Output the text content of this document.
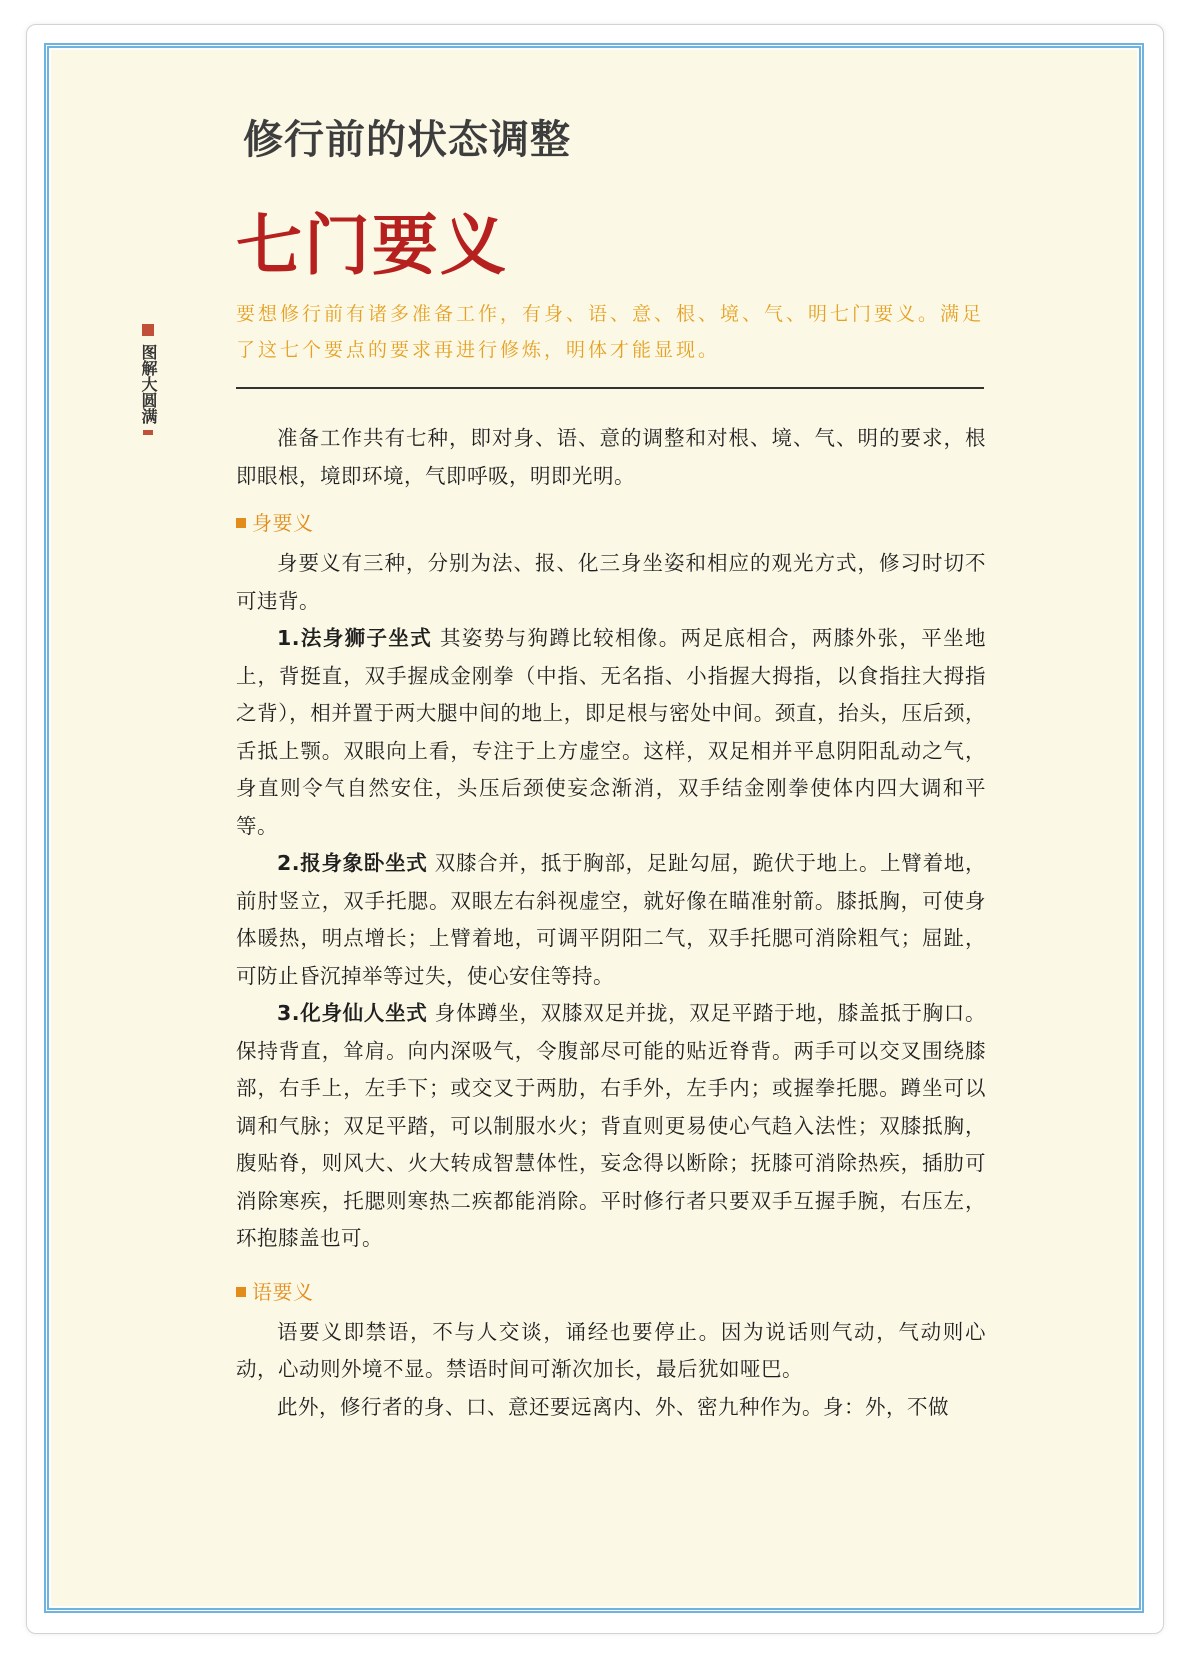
图解大圆满
修行前的状态调整
七门要义

要想修行前有诸多准备工作，有身、语、意、根、境、气、明七门要义。满足了这七个要点的要求再进行修炼，明体才能显现。

准备工作共有七种，即对身、语、意的调整和对根、境、气、明的要求，根即眼根，境即环境，气即呼吸，明即光明。

身要义

身要义有三种，分别为法、报、化三身坐姿和相应的观光方式，修习时切不可违背。

1.法身狮子坐式 其姿势与狗蹲比较相像。两足底相合，两膝外张，平坐地上，背挺直，双手握成金刚拳（中指、无名指、小指握大拇指，以食指拄大拇指之背），相并置于两大腿中间的地上，即足根与密处中间。颈直，抬头，压后颈，舌抵上颚。双眼向上看，专注于上方虚空。这样，双足相并平息阴阳乱动之气，身直则令气自然安住，头压后颈使妄念渐消，双手结金刚拳使体内四大调和平等。

2.报身象卧坐式 双膝合并，抵于胸部，足趾勾屈，跪伏于地上。上臂着地，前肘竖立，双手托腮。双眼左右斜视虚空，就好像在瞄准射箭。膝抵胸，可使身体暖热，明点增长；上臂着地，可调平阴阳二气，双手托腮可消除粗气；屈趾，可防止昏沉掉举等过失，使心安住等持。

3.化身仙人坐式 身体蹲坐，双膝双足并拢，双足平踏于地，膝盖抵于胸口。保持背直，耸肩。向内深吸气，令腹部尽可能的贴近脊背。两手可以交叉围绕膝部，右手上，左手下；或交叉于两肋，右手外，左手内；或握拳托腮。蹲坐可以调和气脉；双足平踏，可以制服水火；背直则更易使心气趋入法性；双膝抵胸，腹贴脊，则风大、火大转成智慧体性，妄念得以断除；抚膝可消除热疾，插肋可消除寒疾，托腮则寒热二疾都能消除。平时修行者只要双手互握手腕，右压左，环抱膝盖也可。

语要义

语要义即禁语，不与人交谈，诵经也要停止。因为说话则气动，气动则心动，心动则外境不显。禁语时间可渐次加长，最后犹如哑巴。

此外，修行者的身、口、意还要远离内、外、密九种作为。身：外，不做
